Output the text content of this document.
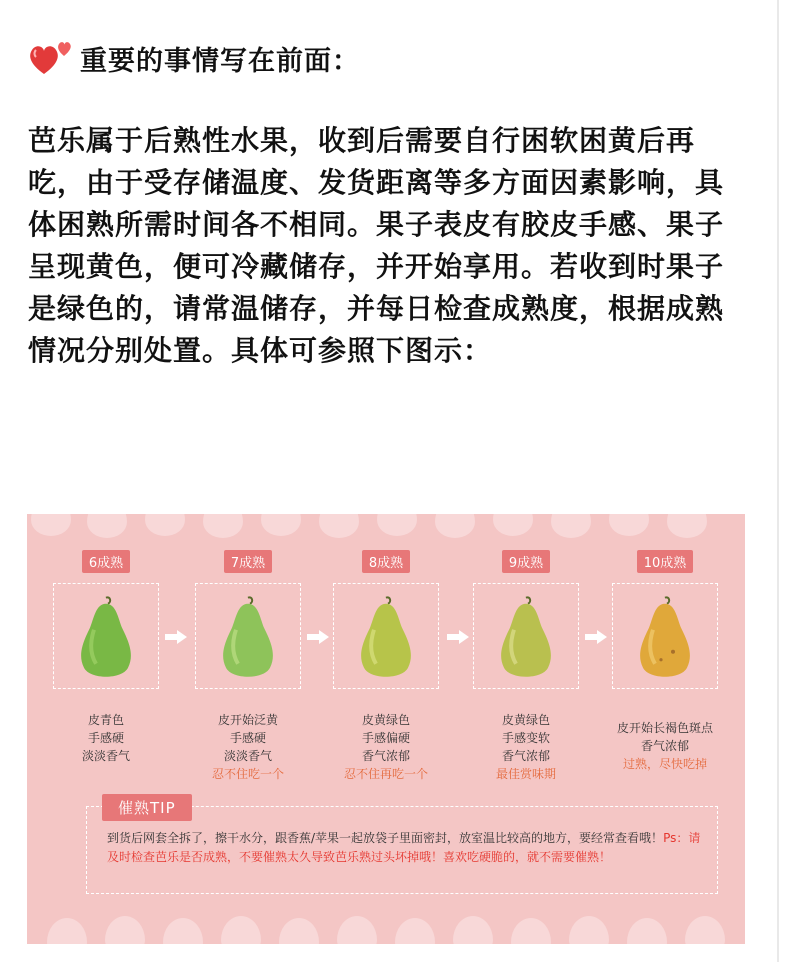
重要的事情写在前面：

芭乐属于后熟性水果，收到后需要自行困软困黄后再吃，由于受存储温度、发货距离等多方面因素影响，具体困熟所需时间各不相同。果子表皮有胶皮手感、果子呈现黄色，便可冷藏储存，并开始享用。若收到时果子是绿色的，请常温储存，并每日检查成熟度，根据成熟情况分别处置。具体可参照下图示：

6成熟
皮青色
手感硬
淡淡香气
7成熟
皮开始泛黄
手感硬
淡淡香气
忍不住吃一个
8成熟
皮黄绿色
手感偏硬
香气浓郁
忍不住再吃一个
9成熟
皮黄绿色
手感变软
香气浓郁
最佳赏味期
10成熟
皮开始长褐色斑点
香气浓郁
过熟，尽快吃掉
到货后网套全拆了，擦干水分，跟香蕉/苹果一起放袋子里面密封，放室温比较高的地方，要经常查看哦！Ps：请及时检查芭乐是否成熟，不要催熟太久导致芭乐熟过头坏掉哦！喜欢吃硬脆的，就不需要催熟！
催熟TIP
